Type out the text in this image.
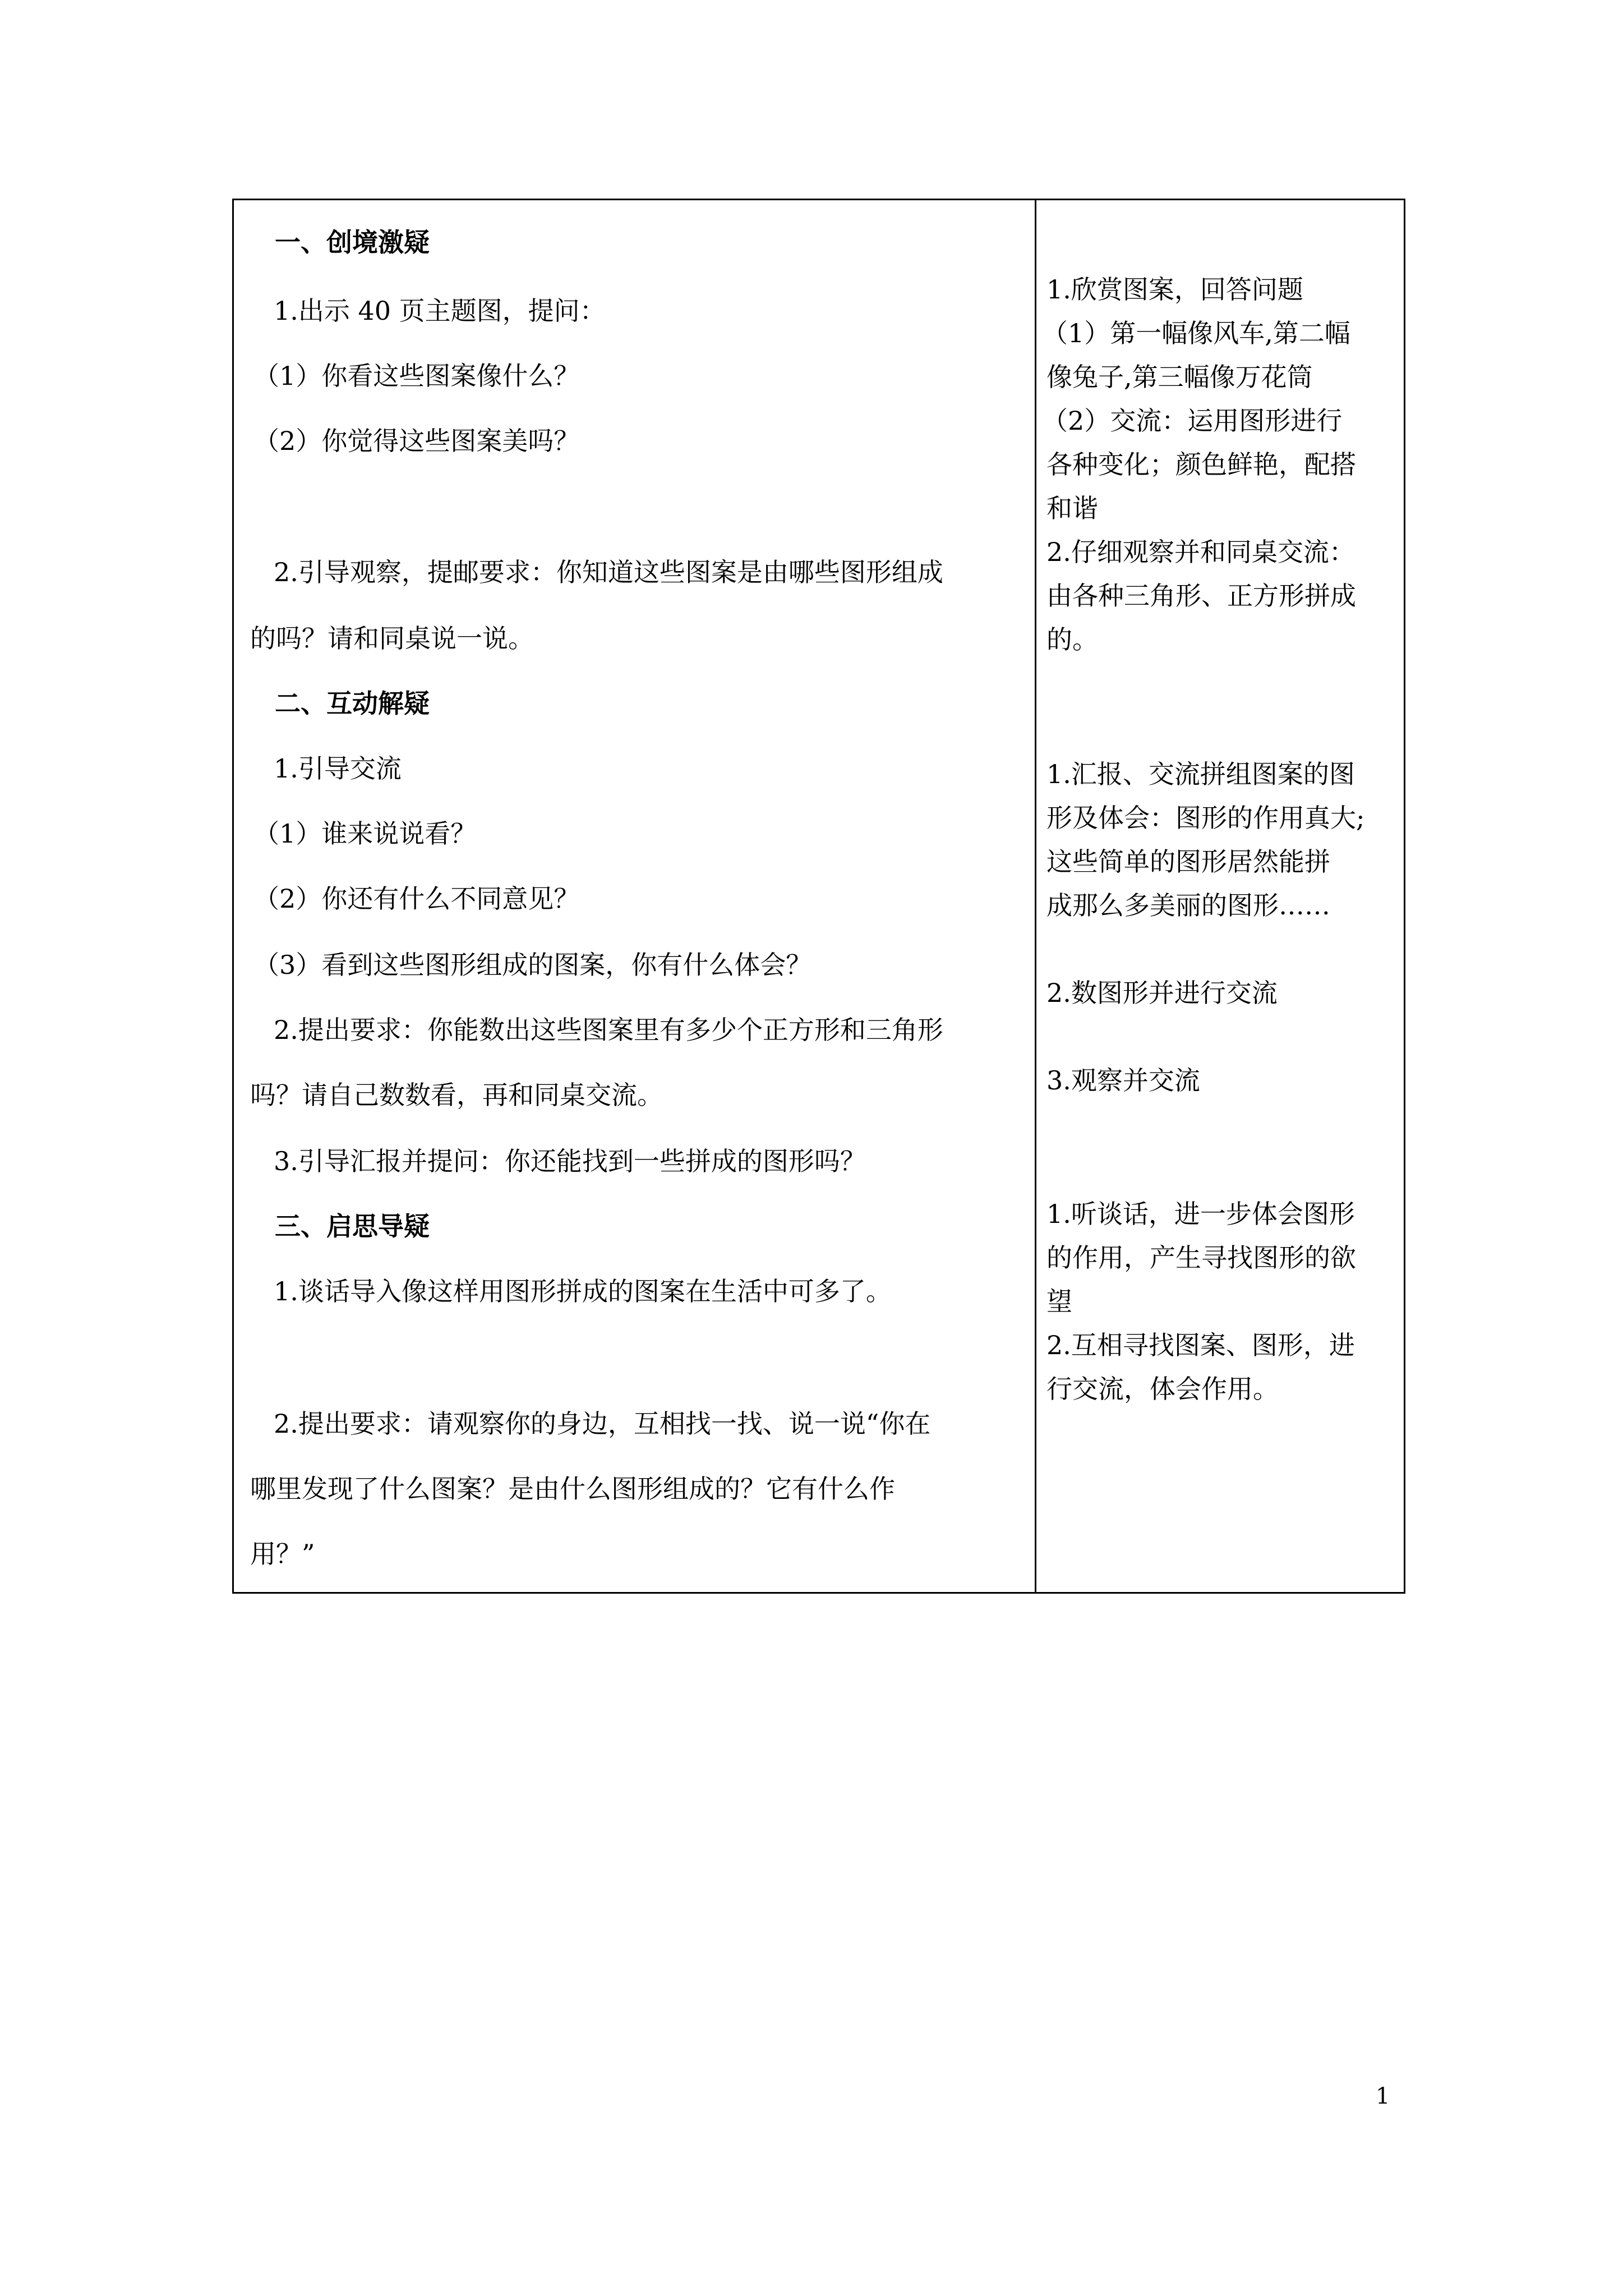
一、创境激疑
1.出示 40 页主题图，提问：
（1）你看这些图案像什么？
（2）你觉得这些图案美吗？
2.引导观察，提邮要求：你知道这些图案是由哪些图形组成
的吗？请和同桌说一说。
二、互动解疑
1.引导交流
（1）谁来说说看？
（2）你还有什么不同意见？
（3）看到这些图形组成的图案，你有什么体会？
2.提出要求：你能数出这些图案里有多少个正方形和三角形
吗？请自己数数看，再和同桌交流。
3.引导汇报并提问：你还能找到一些拼成的图形吗？
三、启思导疑
1.谈话导入像这样用图形拼成的图案在生活中可多了。
2.提出要求：请观察你的身边，互相找一找、说一说“你在
哪里发现了什么图案？是由什么图形组成的？它有什么作
用？”
1.欣赏图案，回答问题
（1）第一幅像风车,第二幅
像兔子,第三幅像万花筒
（2）交流：运用图形进行
各种变化；颜色鲜艳，配搭
和谐
2.仔细观察并和同桌交流：
由各种三角形、正方形拼成
的。
1.汇报、交流拼组图案的图
形及体会：图形的作用真大;
这些简单的图形居然能拼
成那么多美丽的图形……
2.数图形并进行交流
3.观察并交流
1.听谈话，进一步体会图形
的作用，产生寻找图形的欲
望
2.互相寻找图案、图形，进
行交流，体会作用。
1
